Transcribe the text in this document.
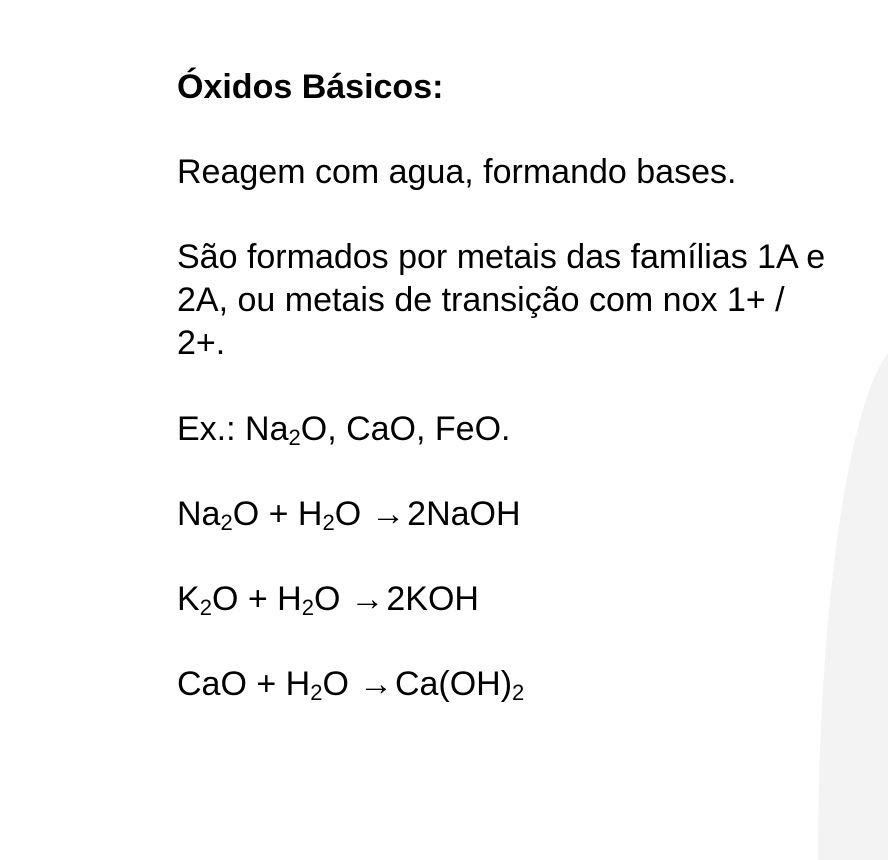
Óxidos Básicos:
Reagem com agua, formando bases.
São formados por metais das famílias 1A e 2A, ou metais de transição com nox 1+ / 2+.
Ex.: $Na_2O$, CaO, FeO.
$Na_2O + H_2O$ →2NaOH
$K_2O + H_2O \to 2KOH$
CaO + $H_2O \to Ca(OH)_2$
